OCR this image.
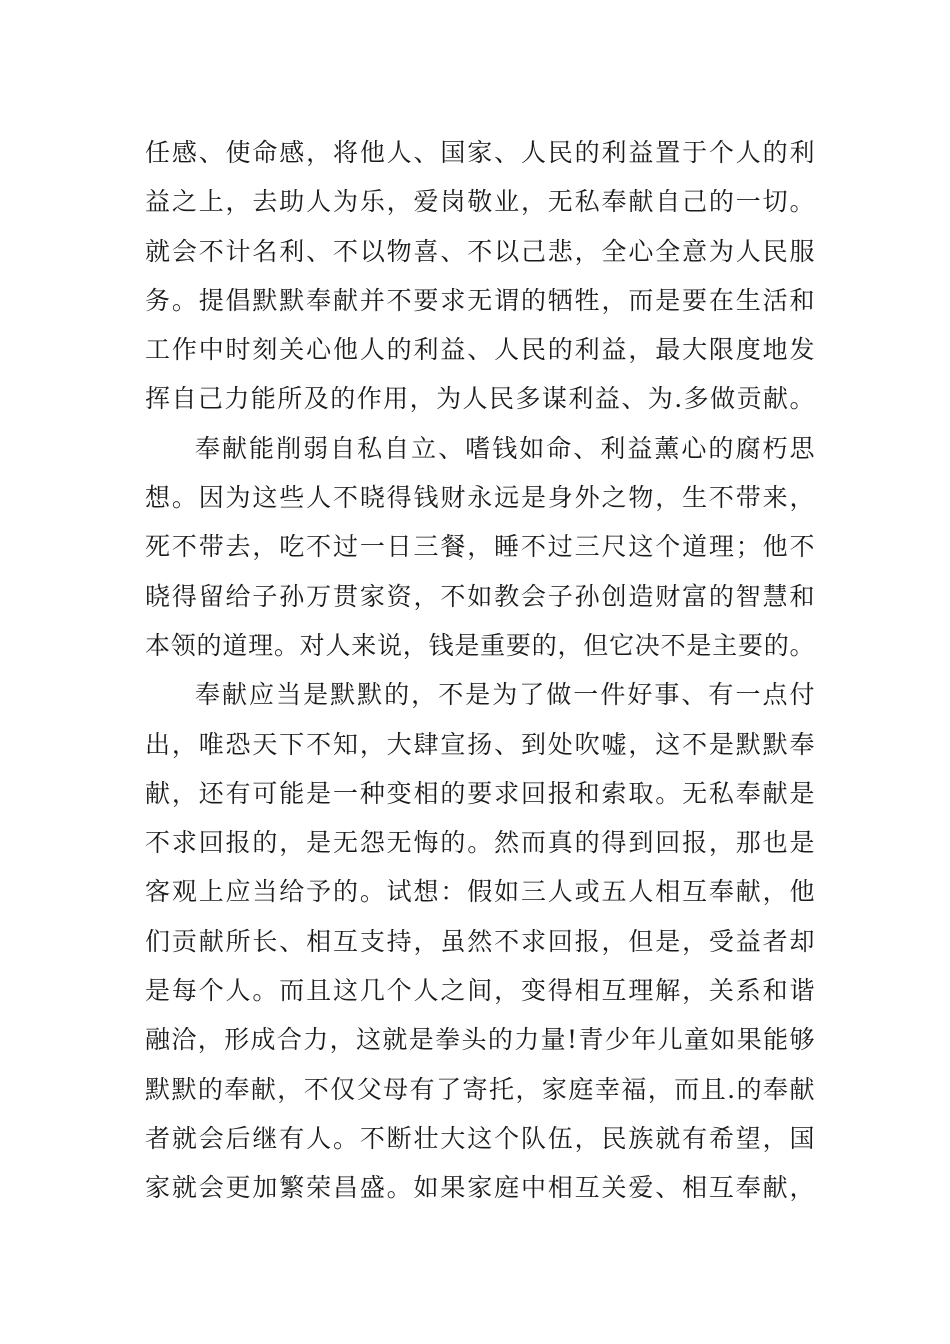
任感、使命感，将他人、国家、人民的利益置于个人的利
益之上，去助人为乐，爱岗敬业，无私奉献自己的一切。
就会不计名利、不以物喜、不以己悲，全心全意为人民服
务。提倡默默奉献并不要求无谓的牺牲，而是要在生活和
工作中时刻关心他人的利益、人民的利益，最大限度地发
挥自己力能所及的作用，为人民多谋利益、为.多做贡献。
奉献能削弱自私自立、嗜钱如命、利益薰心的腐朽思
想。因为这些人不晓得钱财永远是身外之物，生不带来，
死不带去，吃不过一日三餐，睡不过三尺这个道理；他不
晓得留给子孙万贯家资，不如教会子孙创造财富的智慧和
本领的道理。对人来说，钱是重要的，但它决不是主要的。
奉献应当是默默的，不是为了做一件好事、有一点付
出，唯恐天下不知，大肆宣扬、到处吹嘘，这不是默默奉
献，还有可能是一种变相的要求回报和索取。无私奉献是
不求回报的，是无怨无悔的。然而真的得到回报，那也是
客观上应当给予的。试想：假如三人或五人相互奉献，他
们贡献所长、相互支持，虽然不求回报，但是，受益者却
是每个人。而且这几个人之间，变得相互理解，关系和谐
融洽，形成合力，这就是拳头的力量!青少年儿童如果能够
默默的奉献，不仅父母有了寄托，家庭幸福，而且.的奉献
者就会后继有人。不断壮大这个队伍，民族就有希望，国
家就会更加繁荣昌盛。如果家庭中相互关爱、相互奉献，
